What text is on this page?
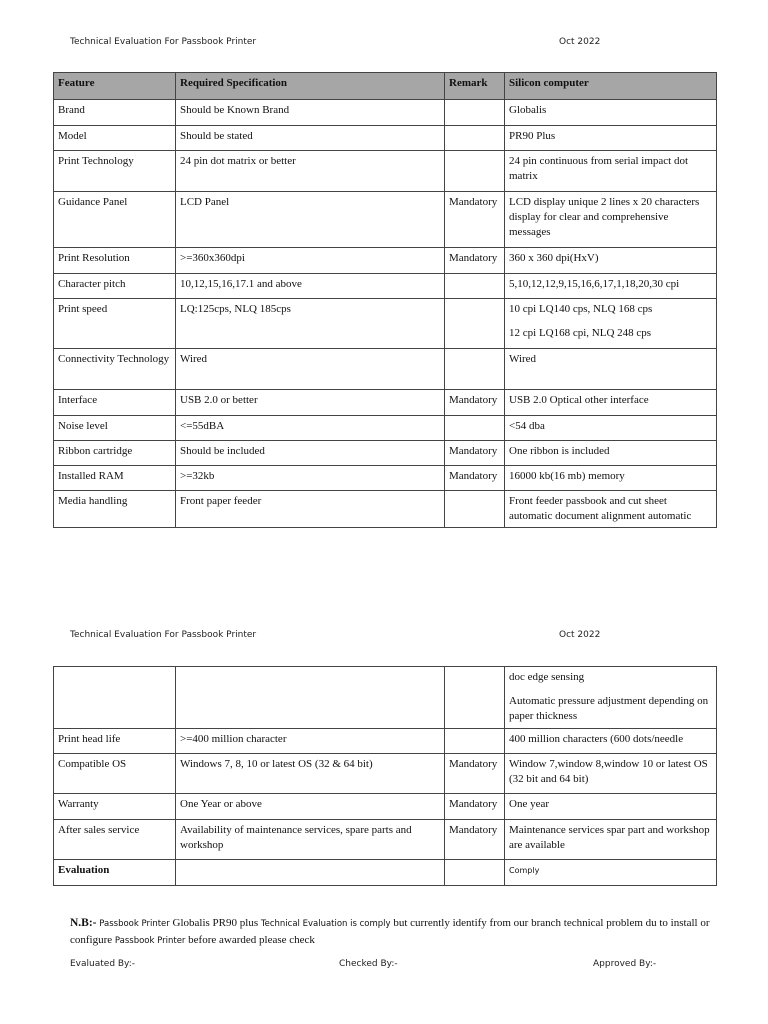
Technical Evaluation For Passbook Printer	Oct 2022
Feature	Required Specification	Remark	Silicon computer
Brand	Should be Known Brand		Globalis

Model	Should be stated		PR90 Plus

Print Technology	24 pin dot matrix or better		24 pin continuous from serial impact dot matrix

Guidance Panel	LCD Panel	Mandatory	LCD display unique 2 lines x 20 characters display for clear and comprehensive messages

Print Resolution	>=360x360dpi	Mandatory	360 x 360 dpi(HxV)

Character pitch	10,12,15,16,17.1 and above		5,10,12,12,9,15,16,6,17,1,18,20,30 cpi

Print speed	LQ:125cps, NLQ 185cps		10 cpi LQ140 cps, NLQ 168 cps
12 cpi LQ168 cpi, NLQ 248 cps

Connectivity Technology	Wired		Wired

Interface	USB 2.0 or better	Mandatory	USB 2.0 Optical other interface

Noise level	<=55dBA		<54 dba

Ribbon cartridge	Should be included	Mandatory	One ribbon is included

Installed RAM	>=32kb	Mandatory	16000 kb(16 mb) memory

Media handling	Front paper feeder		Front feeder passbook and cut sheet automatic document alignment automatic
Technical Evaluation For Passbook Printer	Oct 2022

			doc edge sensing
Automatic pressure adjustment depending on paper thickness

Print head life	>=400 million character		400 million characters (600 dots/needle

Compatible OS	Windows 7, 8, 10 or latest OS (32 & 64 bit)	Mandatory	Window 7,window 8,window 10 or latest OS (32 bit and 64 bit)

Warranty	One Year or above	Mandatory	One year

After sales service	Availability of maintenance services, spare parts and workshop	Mandatory	Maintenance services spar part and workshop are available

Evaluation			Comply
N.B:- Passbook Printer Globalis PR90 plus Technical Evaluation is comply but currently identify from our branch technical problem du to install or configure Passbook Printer before awarded please check
Evaluated By:-	Checked By:-	Approved By:-
